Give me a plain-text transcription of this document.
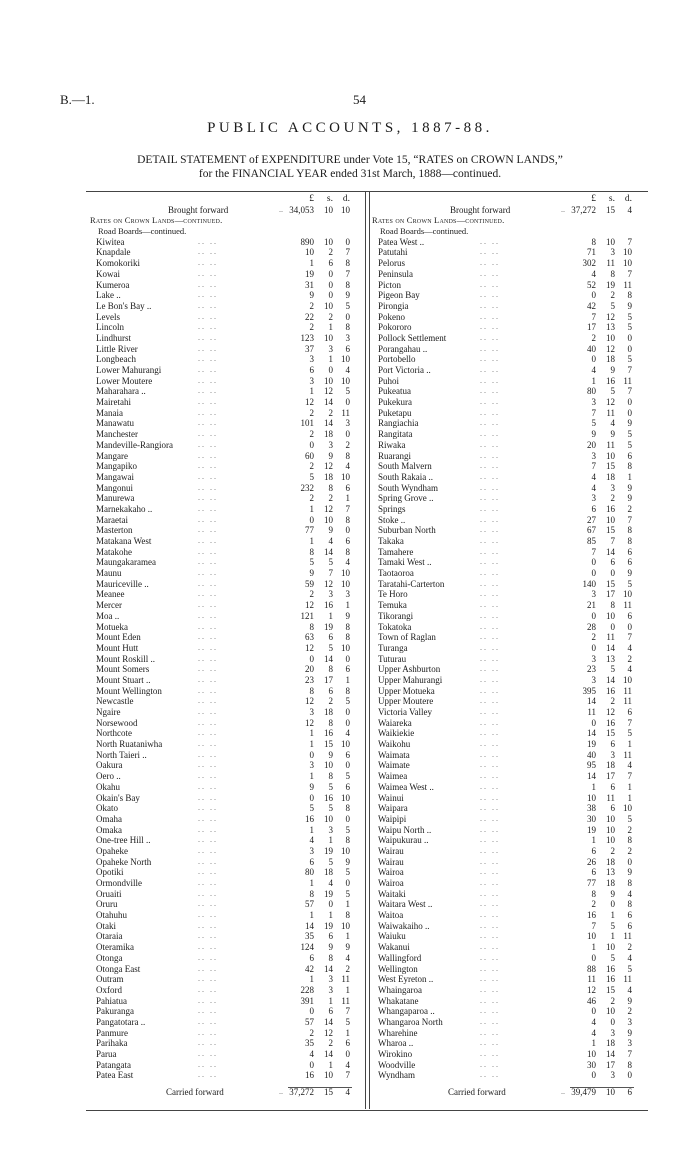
B.—1.	54
PUBLIC ACCOUNTS, 1887-88.
DETAIL STATEMENT of EXPENDITURE under Vote 15, “RATES on CROWN LANDS,”
for the FINANCIAL YEAR ended 31st March, 1888—continued.
£	s.	d.
Brought forward	.. 34,053	10 10
Rates on Crown Lands—continued.
Road Boards—continued.
Kiwitea	.. ..	890	10	0
Knapdale	.. ..	10	2	7
Komokoriki	.. ..	1	6	8
Kowai	.. ..	19	0	7
Kumeroa	.. ..	31	0	8
Lake ..	.. ..	9	0	9
Le Bon's Bay ..	.. ..	2	10	5
Levels	.. ..	22	2	0
Lincoln	.. ..	2	1	8
Lindhurst	.. ..	123	10	3
Little River	.. ..	37	3	6
Longbeach	.. ..	3	1 10
Lower Mahurangi	.. ..	6	0	4
Lower Moutere	.. ..	3	10 10
Maharahara ..	.. ..	1	12	5
Mairetahi	.. ..	12	14	0
Manaia	.. ..	2	2 11
Manawatu	.. ..	101	14	3
Manchester	.. ..	2	18	0
Mandeville-Rangiora	.. ..	0	3	2
Mangare	.. ..	60	9	8
Mangapiko	.. ..	2	12	4
Mangawai	.. ..	5	18 10
Mangonui	.. ..	232	8	6
Manurewa	.. ..	2	2	1
Marnekakaho ..	.. ..	1	12	7
Maraetai	.. ..	0	10	8
Masterton	.. ..	77	9	0
Matakana West	.. ..	1	4	6
Matakohe	.. ..	8	14	8
Maungakaramea	.. ..	5	5	4
Maunu	.. ..	9	7 10
Mauriceville ..	.. ..	59	12 10
Meanee	.. ..	2	3	3
Mercer	.. ..	12	16	1
Moa ..	.. ..	121	1	9
Motueka	.. ..	8	19	8
Mount Eden	.. ..	63	6	8
Mount Hutt	.. ..	12	5 10
Mount Roskill ..	.. ..	0	14	0
Mount Somers	.. ..	20	8	6
Mount Stuart ..	.. ..	23	17	1
Mount Wellington	.. ..	8	6	8
Newcastle	.. ..	12	2	5
Ngaire	.. ..	3	18	0
Norsewood	.. ..	12	8	0
Northcote	.. ..	1	16	4
North Ruataniwha	.. ..	1	15 10
North Taieri ..	.. ..	0	9	6
Oakura	.. ..	3	10	0
Oero ..	.. ..	1	8	5
Okahu	.. ..	9	5	6
Okain's Bay	.. ..	0	16 10
Okato	.. ..	5	5	8
Omaha	.. ..	16	10	0
Omaka	.. ..	1	3	5
One-tree Hill ..	.. ..	4	1	8
Opaheke	.. ..	3	19 10
Opaheke North	.. ..	6	5	9
Opotiki	.. ..	80	18	5
Ormondville	.. ..	1	4	0
Oruaiti	.. ..	8	19	5
Oruru	.. ..	57	0	1
Otahuhu	.. ..	1	1	8
Otaki	.. ..	14	19 10
Otaraia	.. ..	35	6	1
Oteramika	.. ..	124	9	9
Otonga	.. ..	6	8	4
Otonga East	.. ..	42	14	2
Outram	.. ..	1	3 11
Oxford	.. ..	228	3	1
Pahiatua	.. ..	391	1 11
Pakuranga	.. ..	0	6	7
Pangatotara ..	.. ..	57	14	5
Panmure	.. ..	2	12	1
Parihaka	.. ..	35	2	6
Parua	.. ..	4	14	0
Patangata	.. ..	0	1	4
Patea East	.. ..	16	10	7
£	s.	d.
Brought forward	.. 37,272	15	4
Rates on Crown Lands—continued.
Road Boards—continued.
Patea West ..	.. ..	8	10	7
Patutahi	.. ..	71	3 10
Pelorus	.. ..	302	11 10
Peninsula	.. ..	4	8	7
Picton	.. ..	52	19 11
Pigeon Bay	.. ..	0	2	8
Pirongia	.. ..	42	5	9
Pokeno	.. ..	7	12	5
Pokororo	.. ..	17	13	5
Pollock Settlement	.. ..	2	10	0
Porangahau ..	.. ..	40	12	0
Portobello	.. ..	0	18	5
Port Victoria ..	.. ..	4	9	7
Puhoi	.. ..	1	16 11
Pukeatua	.. ..	80	5	7
Pukekura	.. ..	3	12	0
Puketapu	.. ..	7	11	0
Rangiachia	.. ..	5	4	9
Rangitata	.. ..	9	9	5
Riwaka	.. ..	20	11	5
Ruarangi	.. ..	3	10	6
South Malvern	.. ..	7	15	8
South Rakaia ..	.. ..	4	18	1
South Wyndham	.. ..	4	3	9
Spring Grove ..	.. ..	3	2	9
Springs	.. ..	6	16	2
Stoke ..	.. ..	27	10	7
Suburban North	.. ..	67	15	8
Takaka	.. ..	85	7	8
Tamahere	.. ..	7	14	6
Tamaki West ..	.. ..	0	6	6
Taotaoroa	.. ..	0	0	9
Taratahi-Carterton	.. ..	140	15	5
Te Horo	.. ..	3	17 10
Temuka	.. ..	21	8 11
Tikorangi	.. ..	0	10	6
Tokatoka	.. ..	28	0	0
Town of Raglan	.. ..	2	11	7
Turanga	.. ..	0	14	4
Tuturau	.. ..	3	13	2
Upper Ashburton	.. ..	23	5	4
Upper Mahurangi	.. ..	3	14 10
Upper Motueka	.. ..	395	16 11
Upper Moutere	.. ..	14	2 11
Victoria Valley	.. ..	11	12	6
Waiareka	.. ..	0	16	7
Waikiekie	.. ..	14	15	5
Waikohu	.. ..	19	6	1
Waimata	.. ..	40	3 11
Waimate	.. ..	95	18	4
Waimea	.. ..	14	17	7
Waimea West ..	.. ..	1	6	1
Wainui	.. ..	10	11	1
Waipara	.. ..	38	6 10
Waipipi	.. ..	30	10	5
Waipu North ..	.. ..	19	10	2
Waipukurau ..	.. ..	1	10	8
Wairau	.. ..	6	2	2
Wairau	.. ..	26	18	0
Wairoa	.. ..	6	13	9
Wairoa	.. ..	77	18	8
Waitaki	.. ..	8	9	4
Waitara West ..	.. ..	2	0	8
Waitoa	.. ..	16	1	6
Waiwakaiho ..	.. ..	7	5	6
Waiuku	.. ..	10	1 11
Wakanui	.. ..	1	10	2
Wallingford	.. ..	0	5	4
Wellington	.. ..	88	16	5
West Eyreton ..	.. ..	11	16 11
Whaingaroa	.. ..	12	15	4
Whakatane	.. ..	46	2	9
Whangaparoa ..	.. ..	0	10	2
Whangaroa North	.. ..	4	0	3
Wharehine	.. ..	4	3	9
Wharoa ..	.. ..	1	18	3
Wirokino	.. ..	10	14	7
Woodville	.. ..	30	17	8
Wyndham	.. ..	0	3	0
Carried forward	.. 37,272	15	4	Carried forward	.. 39,479	10	6
